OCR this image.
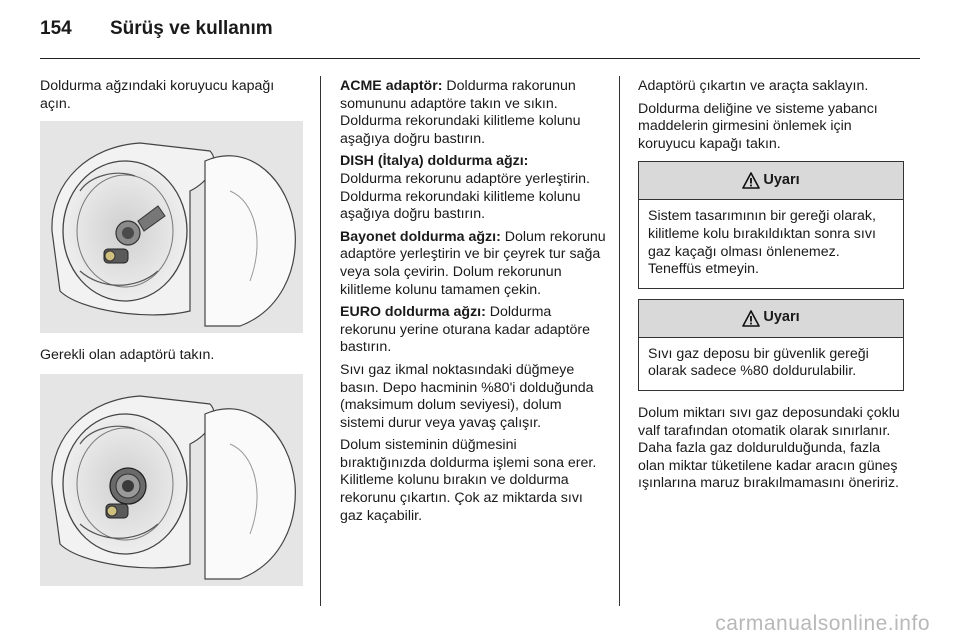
154	Sürüş ve kullanım

Doldurma ağzındaki koruyucu kapağı açın.

Gerekli olan adaptörü takın.

ACME adaptör: Doldurma rakorunun somununu adaptöre takın ve sıkın. Doldurma rekorundaki kilitleme kolunu aşağıya doğru bastırın.

DISH (İtalya) doldurma ağzı:
Doldurma rekorunu adaptöre yerleştirin. Doldurma rekorundaki kilitleme kolunu aşağıya doğru bastırın.

Bayonet doldurma ağzı: Dolum rekorunu adaptöre yerleştirin ve bir çeyrek tur sağa veya sola çevirin. Dolum rekorunun kilitleme kolunu tamamen çekin.

EURO doldurma ağzı: Doldurma rekorunu yerine oturana kadar adaptöre bastırın.

Sıvı gaz ikmal noktasındaki düğmeye basın. Depo hacminin %80'i dolduğunda (maksimum dolum seviyesi), dolum sistemi durur veya yavaş çalışır.

Dolum sisteminin düğmesini bıraktığınızda doldurma işlemi sona erer. Kilitleme kolunu bırakın ve doldurma rekorunu çıkartın. Çok az miktarda sıvı gaz kaçabilir.

Adaptörü çıkartın ve araçta saklayın.

Doldurma deliğine ve sisteme yabancı maddelerin girmesini önlemek için koruyucu kapağı takın.

Uyarı
Sistem tasarımının bir gereği olarak, kilitleme kolu bırakıldıktan sonra sıvı gaz kaçağı olması önlenemez. Teneffüs etmeyin.
Uyarı
Sıvı gaz deposu bir güvenlik gereği olarak sadece %80 doldurulabilir.

Dolum miktarı sıvı gaz deposundaki çoklu valf tarafından otomatik olarak sınırlanır. Daha fazla gaz doldurulduğunda, fazla olan miktar tüketilene kadar aracın güneş ışınlarına maruz bırakılmamasını öneririz.

carmanualsonline.info
